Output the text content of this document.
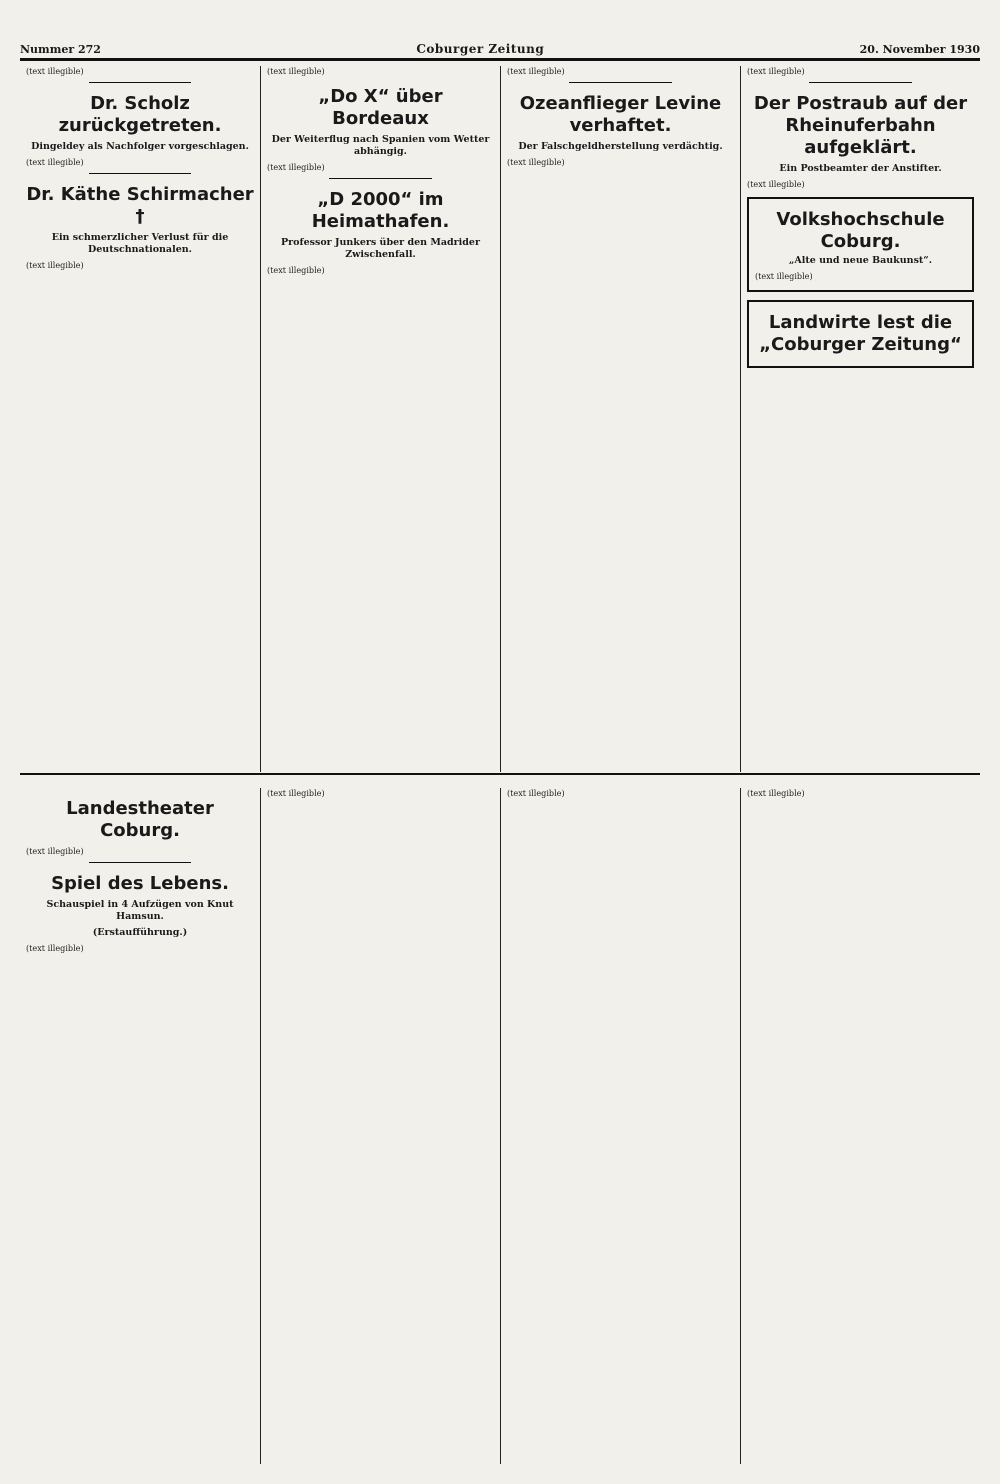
Nummer 272	Coburger Zeitung	20. November 1930
(text illegible)
Dr. Scholz zurückgetreten.
Dingeldey als Nachfolger vorgeschlagen.
(text illegible)
Dr. Käthe Schirmacher †
Ein schmerzlicher Verlust für die Deutschnationalen.
(text illegible)
(text illegible)
„Do X“ über Bordeaux
Der Weiterflug nach Spanien vom Wetter abhängig.
(text illegible)
„D 2000“ im Heimathafen.
Professor Junkers über den Madrider Zwischenfall.
(text illegible)
(text illegible)
Ozeanflieger Levine verhaftet.
Der Falschgeldherstellung verdächtig.
(text illegible)
(text illegible)
Der Postraub auf der Rheinuferbahn aufgeklärt.
Ein Postbeamter der Anstifter.
(text illegible)
Volkshochschule Coburg.
„Alte und neue Baukunst“.
(text illegible)
Landwirte lest die „Coburger Zeitung“
Landestheater Coburg.
(text illegible)
Spiel des Lebens.
Schauspiel in 4 Aufzügen von Knut Hamsun.
(Erstaufführung.)
(text illegible)
(text illegible)	(text illegible)	(text illegible)
